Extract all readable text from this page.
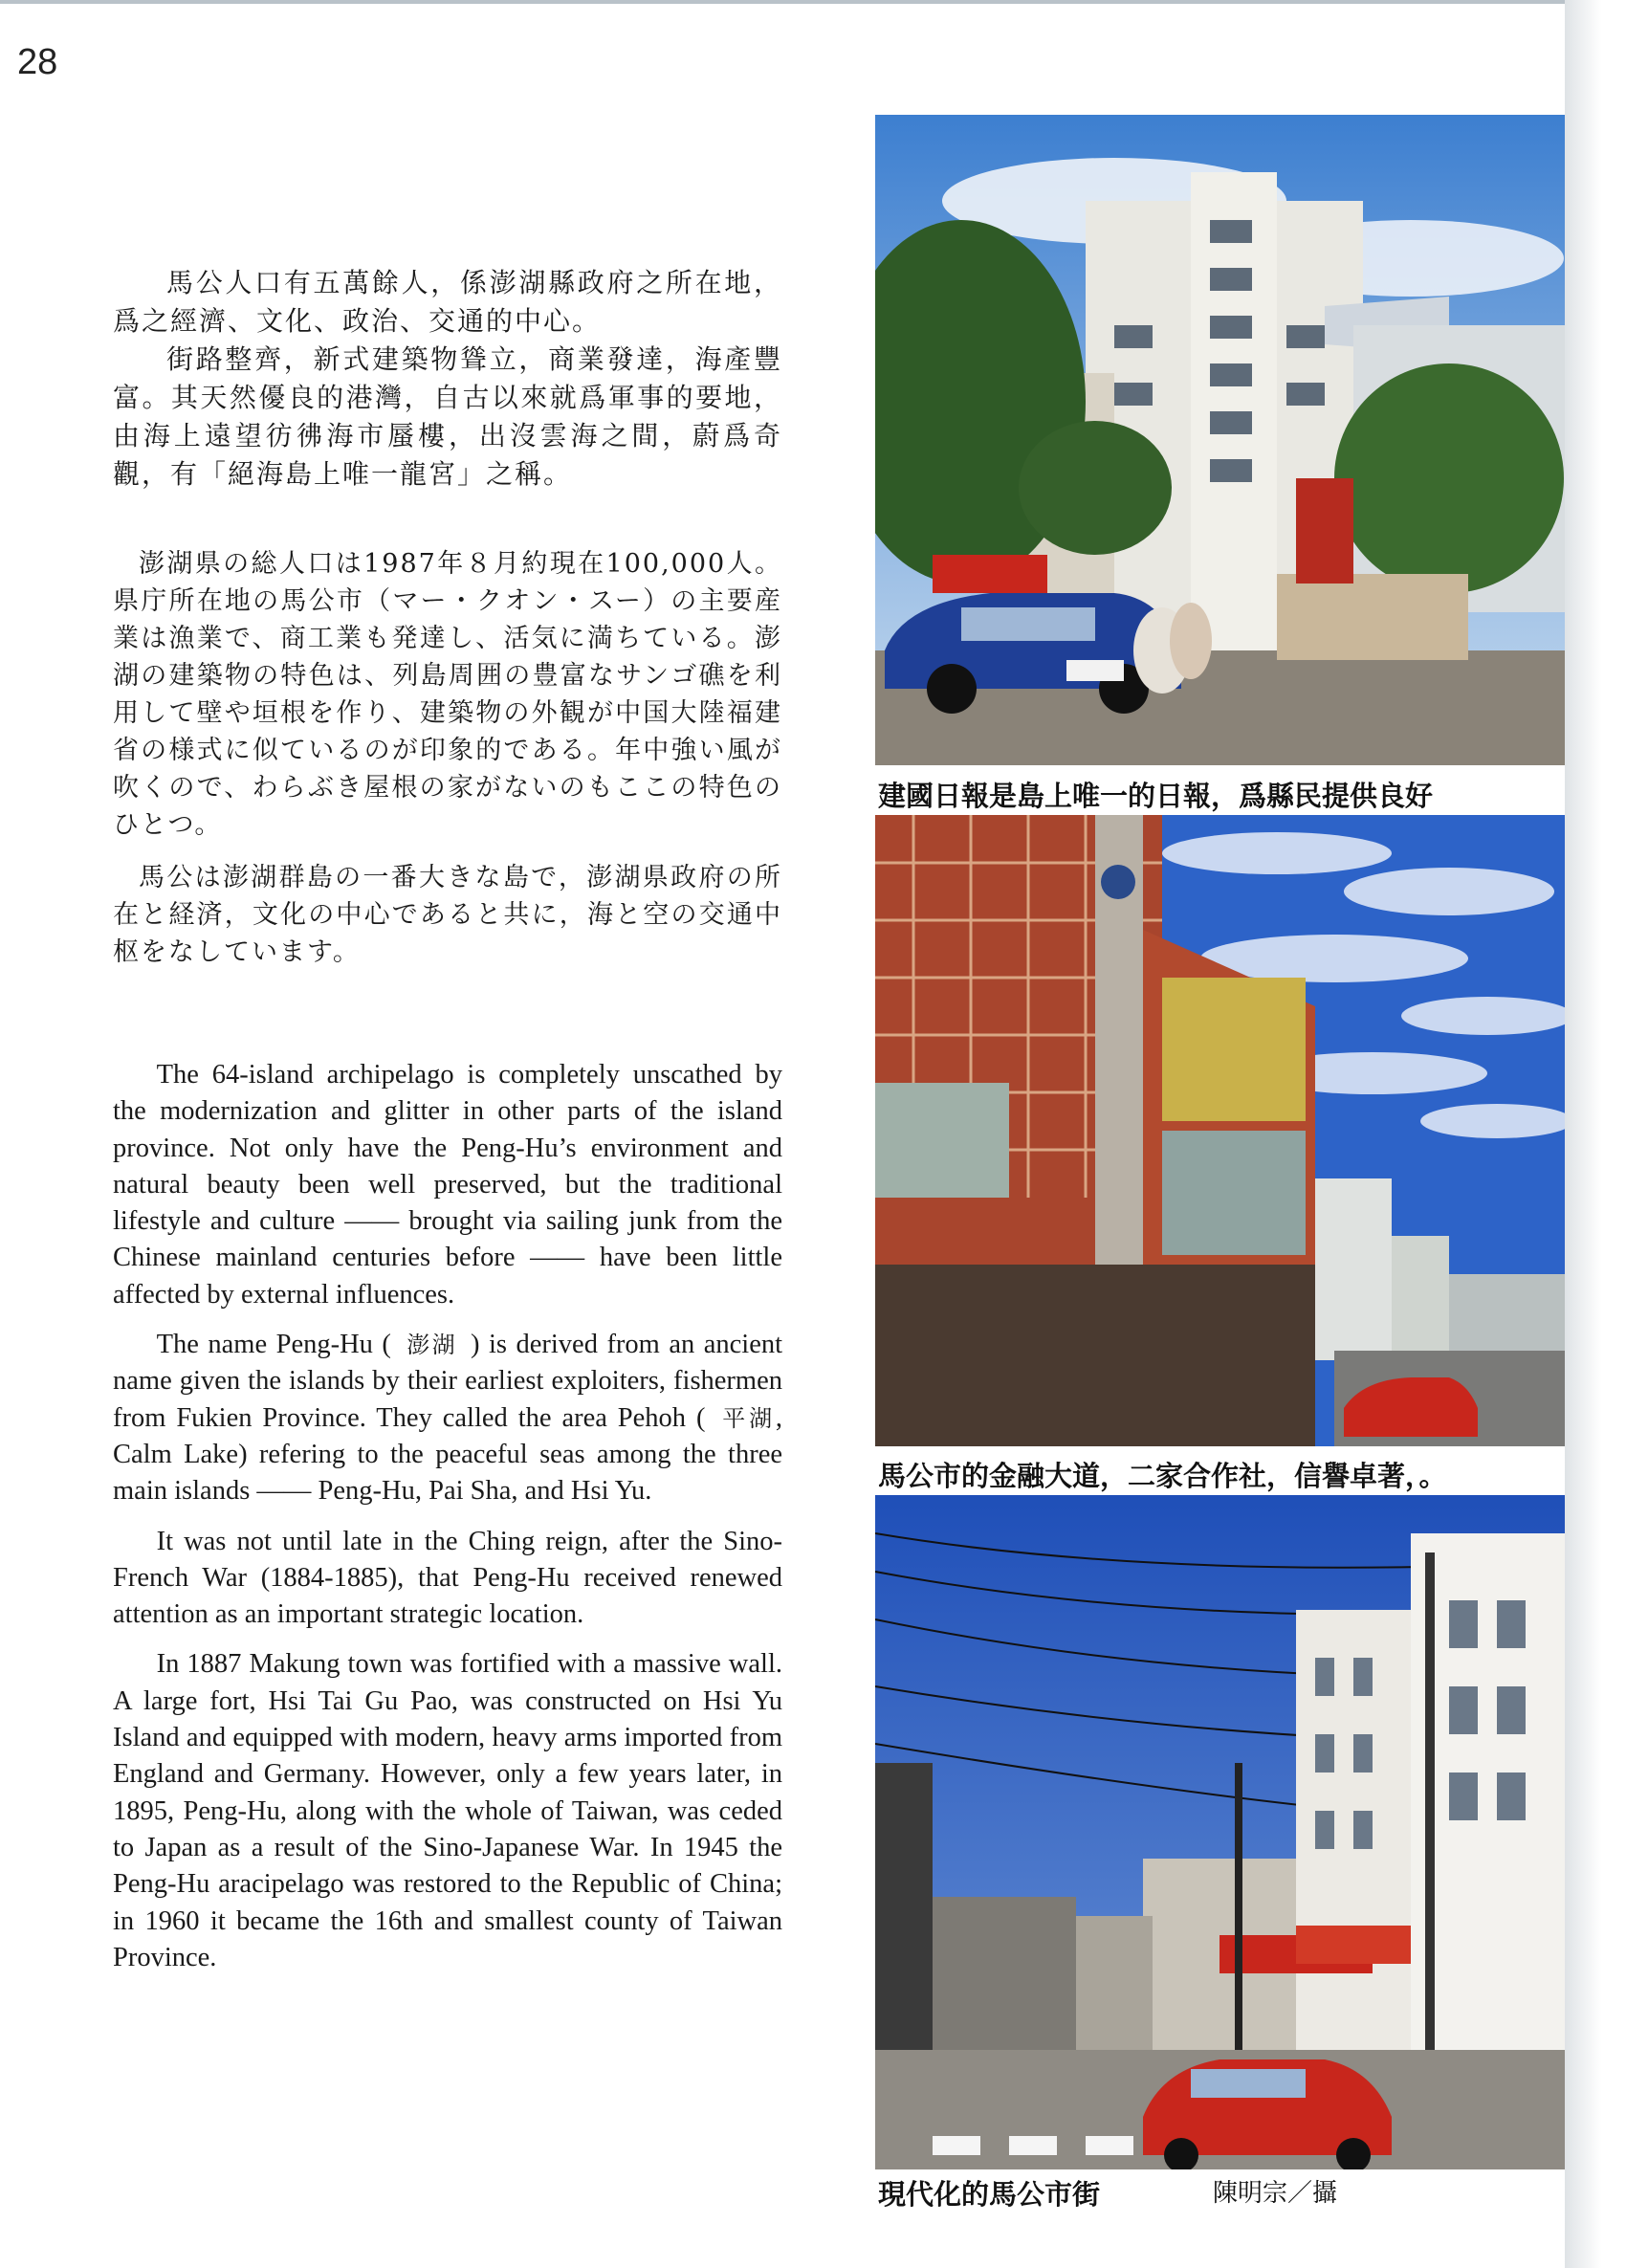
28

馬公人口有五萬餘人，係澎湖縣政府之所在地，爲之經濟、文化、政治、交通的中心。

街路整齊，新式建築物聳立，商業發達，海產豐富。其天然優良的港灣，自古以來就爲軍事的要地，由海上遠望彷彿海市蜃樓，出沒雲海之間，蔚爲奇觀，有「絕海島上唯一龍宮」之稱。

澎湖県の総人口は1987年８月約現在100,000人。県庁所在地の馬公市（マー・クオン・スー）の主要産業は漁業で、商工業も発達し、活気に満ちている。澎湖の建築物の特色は、列島周囲の豊富なサンゴ礁を利用して壁や垣根を作り、建築物の外観が中国大陸福建省の様式に似ているのが印象的である。年中強い風が吹くので、わらぶき屋根の家がないのもここの特色のひとつ。

馬公は澎湖群島の一番大きな島で，澎湖県政府の所在と経済，文化の中心であると共に，海と空の交通中枢をなしています。

The 64-island archipelago is completely unscathed by the modernization and glitter in other parts of the island province. Not only have the Peng-Hu’s environment and natural beauty been well preserved, but the traditional lifestyle and culture —— brought via sailing junk from the Chinese mainland centuries before —— have been little affected by external influences.

The name Peng-Hu ( 澎湖 ) is derived from an ancient name given the islands by their earliest exploiters, fishermen from Fukien Province. They called the area Pehoh ( 平湖, Calm Lake) refering to the peaceful seas among the three main islands —— Peng-Hu, Pai Sha, and Hsi Yu.

It was not until late in the Ching reign, after the Sino-French War (1884-1885), that Peng-Hu received renewed attention as an important strategic location.

In 1887 Makung town was fortified with a massive wall. A large fort, Hsi Tai Gu Pao, was constructed on Hsi Yu Island and equipped with modern, heavy arms imported from England and Germany. However, only a few years later, in 1895, Peng-Hu, along with the whole of Taiwan, was ceded to Japan as a result of the Sino-Japanese War. In 1945 the Peng-Hu aracipelago was restored to the Republic of China; in 1960 it became the 16th and smallest county of Taiwan Province.

建國日報是島上唯一的日報，爲縣民提供良好
馬公市的金融大道，二家合作社，信譽卓著，。
現代化的馬公市街	陳明宗／攝
